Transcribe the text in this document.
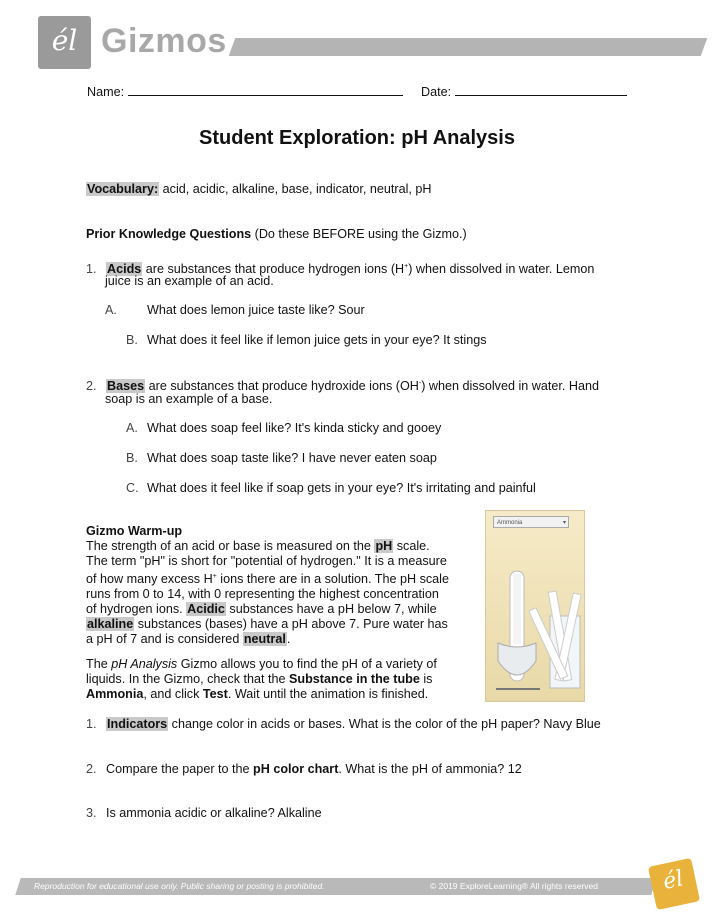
él Gizmos
Name:	Date:
Student Exploration: pH Analysis
Vocabulary: acid, acidic, alkaline, base, indicator, neutral, pH
Prior Knowledge Questions (Do these BEFORE using the Gizmo.)
1. Acids are substances that produce hydrogen ions (H+) when dissolved in water. Lemon
juice is an example of an acid.
A. What does lemon juice taste like? Sour
B. What does it feel like if lemon juice gets in your eye? It stings
2. Bases are substances that produce hydroxide ions (OH-) when dissolved in water. Hand
soap is an example of a base.
A. What does soap feel like? It's kinda sticky and gooey
B. What does soap taste like? I have never eaten soap
C. What does it feel like if soap gets in your eye? It's irritating and painful
Gizmo Warm-up
The strength of an acid or base is measured on the pH scale.
The term "pH" is short for "potential of hydrogen." It is a measure
of how many excess H+ ions there are in a solution. The pH scale
runs from 0 to 14, with 0 representing the highest concentration
of hydrogen ions. Acidic substances have a pH below 7, while
alkaline substances (bases) have a pH above 7. Pure water has
a pH of 7 and is considered neutral.
The pH Analysis Gizmo allows you to find the pH of a variety of
liquids. In the Gizmo, check that the Substance in the tube is
Ammonia, and click Test. Wait until the animation is finished.
Ammonia	▾
1. Indicators change color in acids or bases. What is the color of the pH paper? Navy Blue
2. Compare the paper to the pH color chart. What is the pH of ammonia? 12
3. Is ammonia acidic or alkaline? Alkaline
Reproduction for educational use only. Public sharing or posting is prohibited.	© 2019 ExploreLearning® All rights reserved	él
